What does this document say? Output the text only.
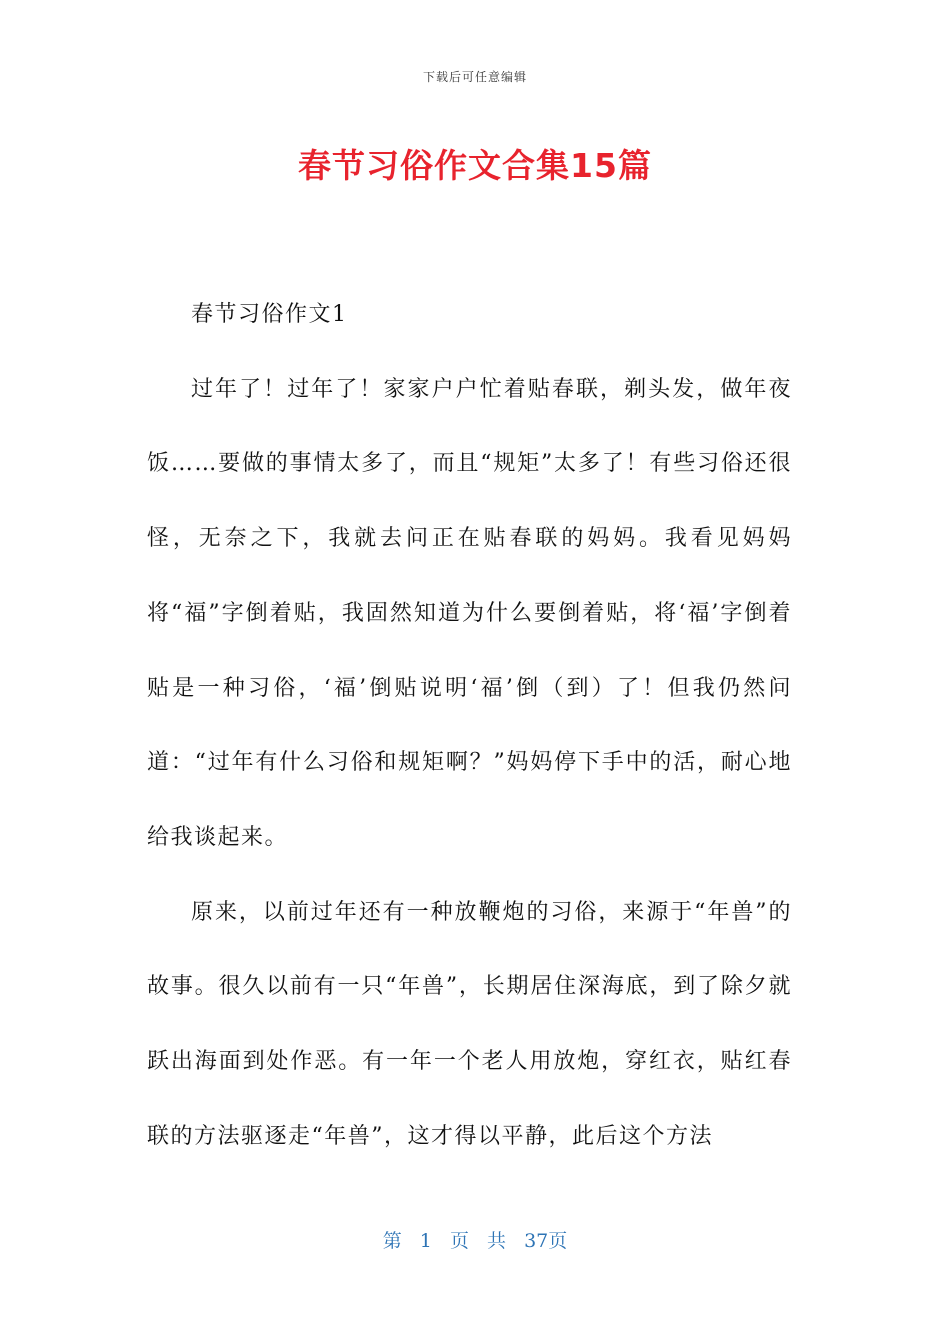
下载后可任意编辑
春节习俗作文合集15篇

春节习俗作文1

过年了！过年了！家家户户忙着贴春联，剃头发，做年夜饭……要做的事情太多了，而且“规矩”太多了！有些习俗还很怪，无奈之下，我就去问正在贴春联的妈妈。我看见妈妈将“福”字倒着贴，我固然知道为什么要倒着贴，将‘福’字倒着贴是一种习俗，‘福’倒贴说明‘福’倒（到）了！但我仍然问道：“过年有什么习俗和规矩啊？”妈妈停下手中的活，耐心地给我谈起来。

原来，以前过年还有一种放鞭炮的习俗，来源于“年兽”的故事。很久以前有一只“年兽”，长期居住深海底，到了除夕就跃出海面到处作恶。有一年一个老人用放炮，穿红衣，贴红春联的方法驱逐走“年兽”，这才得以平静，此后这个方法

第 1 页 共 37页
